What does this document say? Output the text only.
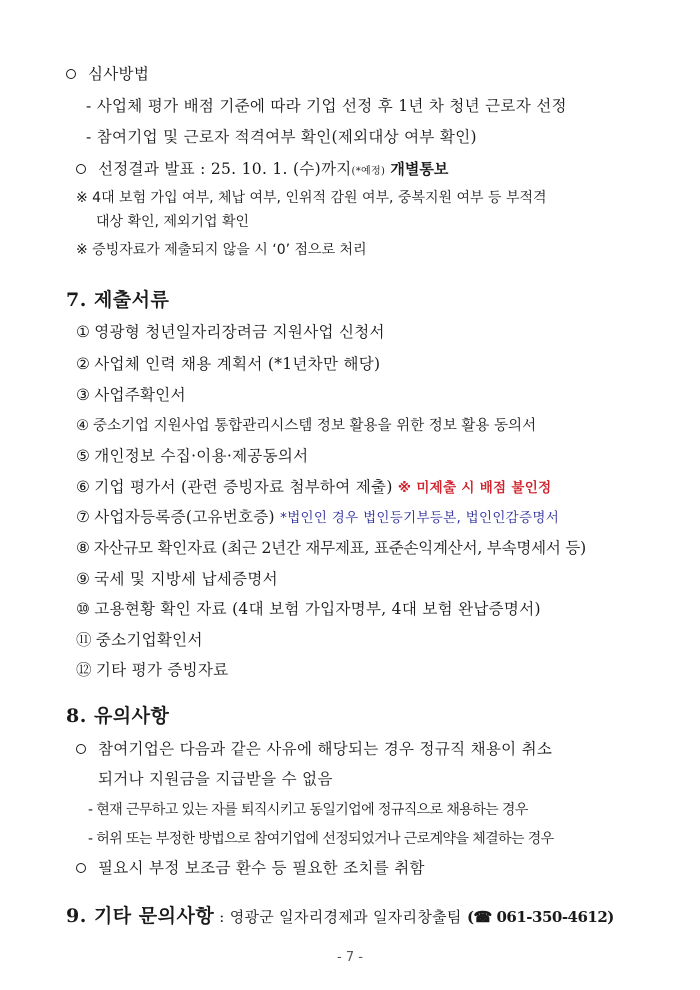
심사방법
- 사업체 평가 배점 기준에 따라 기업 선정 후 1년 차 청년 근로자 선정
- 참여기업 및 근로자 적격여부 확인(제외대상 여부 확인)
선정결과 발표 : 25. 10. 1. (수)까지(*예정) 개별통보
※ 4대 보험 가입 여부, 체납 여부, 인위적 감원 여부, 중복지원 여부 등 부적격
대상 확인, 제외기업 확인
※ 증빙자료가 제출되지 않을 시 ‘0’ 점으로 처리
7. 제출서류
① 영광형 청년일자리장려금 지원사업 신청서
② 사업체 인력 채용 계획서 (*1년차만 해당)
③ 사업주확인서
④ 중소기업 지원사업 통합관리시스템 정보 활용을 위한 정보 활용 동의서
⑤ 개인정보 수집·이용·제공동의서
⑥ 기업 평가서 (관련 증빙자료 첨부하여 제출) ※ 미제출 시 배점 불인정
⑦ 사업자등록증(고유번호증) *법인인 경우 법인등기부등본, 법인인감증명서
⑧ 자산규모 확인자료 (최근 2년간 재무제표, 표준손익계산서, 부속명세서 등)
⑨ 국세 및 지방세 납세증명서
⑩ 고용현황 확인 자료 (4대 보험 가입자명부, 4대 보험 완납증명서)
⑪ 중소기업확인서
⑫ 기타 평가 증빙자료
8. 유의사항
참여기업은 다음과 같은 사유에 해당되는 경우 정규직 채용이 취소
되거나 지원금을 지급받을 수 없음
- 현재 근무하고 있는 자를 퇴직시키고 동일기업에 정규직으로 채용하는 경우
- 허위 또는 부정한 방법으로 참여기업에 선정되었거나 근로계약을 체결하는 경우
필요시 부정 보조금 환수 등 필요한 조치를 취함
9. 기타 문의사항 : 영광군 일자리경제과 일자리창출팀 (☎ 061-350-4612)
- 7 -
